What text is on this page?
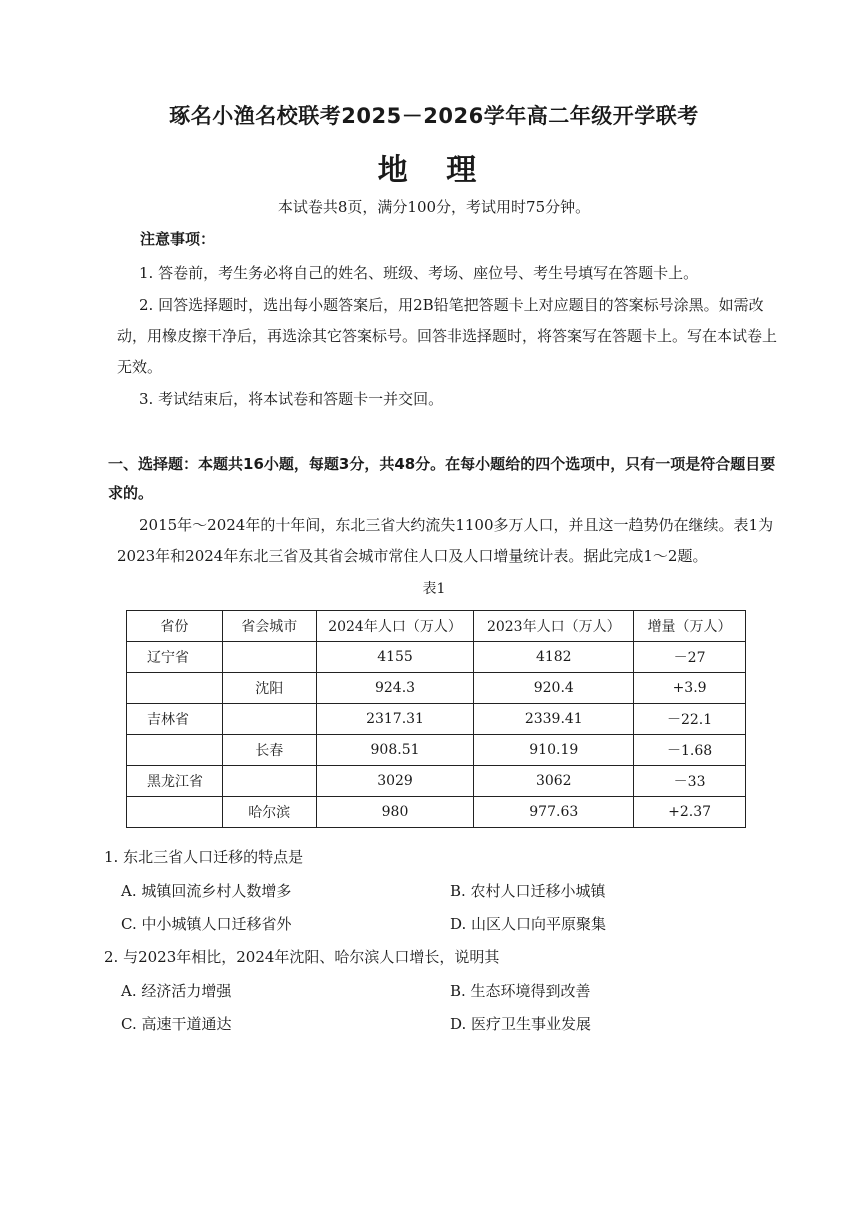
琢名小渔名校联考2025－2026学年高二年级开学联考
地 理
本试卷共8页，满分100分，考试用时75分钟。
注意事项：
1. 答卷前，考生务必将自己的姓名、班级、考场、座位号、考生号填写在答题卡上。
2. 回答选择题时，选出每小题答案后，用2B铅笔把答题卡上对应题目的答案标号涂黑。如需改动，用橡皮擦干净后，再选涂其它答案标号。回答非选择题时，将答案写在答题卡上。写在本试卷上无效。
3. 考试结束后，将本试卷和答题卡一并交回。
一、选择题：本题共16小题，每题3分，共48分。在每小题给的四个选项中，只有一项是符合题目要求的。
2015年～2024年的十年间，东北三省大约流失1100多万人口，并且这一趋势仍在继续。表1为2023年和2024年东北三省及其省会城市常住人口及人口增量统计表。据此完成1～2题。
表1
省份	省会城市	2024年人口（万人）	2023年人口（万人）	增量（万人）
辽宁省		4155	4182	－27
	沈阳	924.3	920.4	+3.9
吉林省		2317.31	2339.41	－22.1
	长春	908.51	910.19	－1.68
黑龙江省		3029	3062	－33
	哈尔滨	980	977.63	+2.37
1. 东北三省人口迁移的特点是
A. 城镇回流乡村人数增多	B. 农村人口迁移小城镇
C. 中小城镇人口迁移省外	D. 山区人口向平原聚集
2. 与2023年相比，2024年沈阳、哈尔滨人口增长，说明其
A. 经济活力增强	B. 生态环境得到改善
C. 高速干道通达	D. 医疗卫生事业发展
